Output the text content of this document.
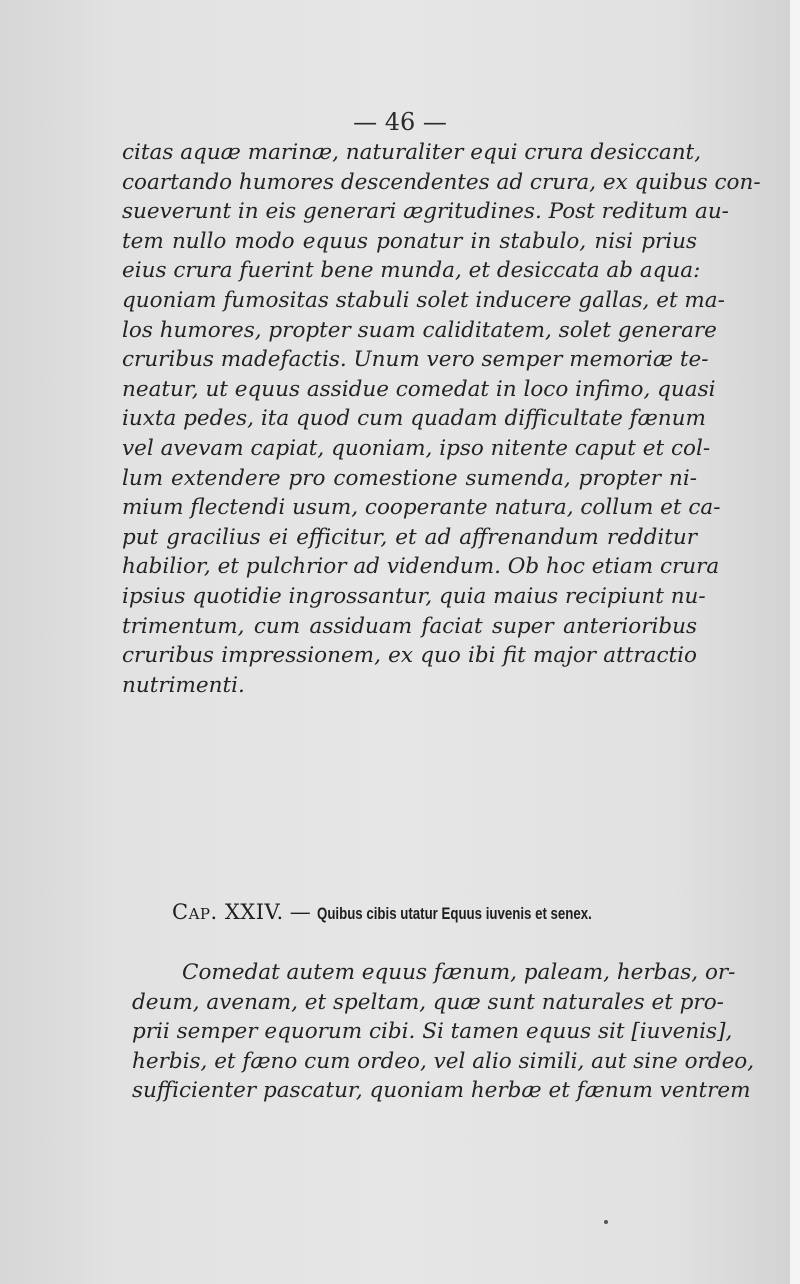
— 46 —
citas aquæ marinæ, naturaliter equi crura desiccant,
coartando humores descendentes ad crura, ex quibus con-
sueverunt in eis generari ægritudines. Post reditum au-
tem nullo modo equus ponatur in stabulo, nisi prius
eius crura fuerint bene munda, et desiccata ab aqua:
quoniam fumositas stabuli solet inducere gallas, et ma-
los humores, propter suam caliditatem, solet generare
cruribus madefactis. Unum vero semper memoriæ te-
neatur, ut equus assidue comedat in loco infimo, quasi
iuxta pedes, ita quod cum quadam difficultate fænum
vel avevam capiat, quoniam, ipso nitente caput et col-
lum extendere pro comestione sumenda, propter ni-
mium flectendi usum, cooperante natura, collum et ca-
put gracilius ei efficitur, et ad affrenandum redditur
habilior, et pulchrior ad videndum. Ob hoc etiam crura
ipsius quotidie ingrossantur, quia maius recipiunt nu-
trimentum, cum assiduam faciat super anterioribus
cruribus impressionem, ex quo ibi fit major attractio
nutrimenti.
Cap. XXIV. — Quibus cibis utatur Equus iuvenis et senex.
Comedat autem equus fænum, paleam, herbas, or-
deum, avenam, et speltam, quæ sunt naturales et pro-
prii semper equorum cibi. Si tamen equus sit [iuvenis],
herbis, et fæno cum ordeo, vel alio simili, aut sine ordeo,
sufficienter pascatur, quoniam herbæ et fænum ventrem
